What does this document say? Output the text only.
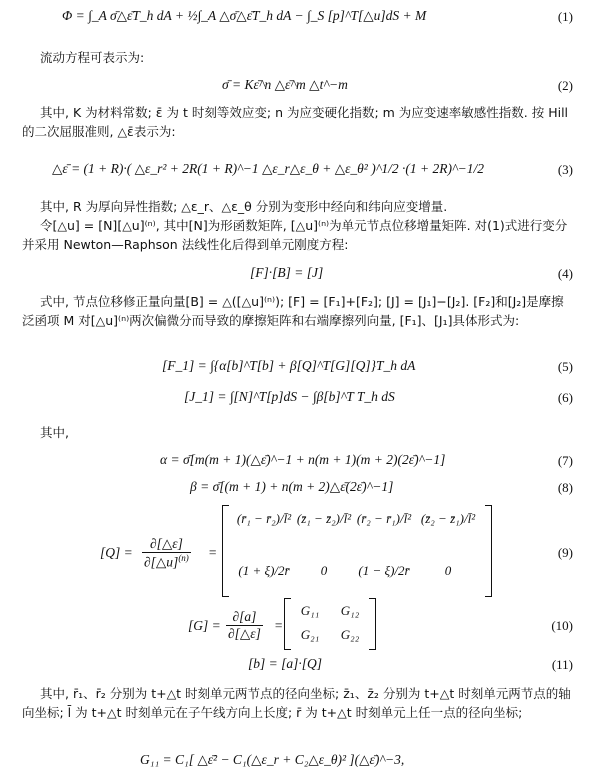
Φ = ∫_A σ̄△ε̄T_h dA + ½∫_A △σ̄△ε̄T_h dA − ∫_S [p]^T[△u]dS + M	(1)
流动方程可表示为:
σ̄ = Kε̄^n △ε̄^m △t^−m	(2)
其中, K 为材料常数; ε̄ 为 t 时刻等效应变; n 为应变硬化指数; m 为应变速率敏感性指数. 按 Hill 的二次屈服准则, △ε̄表示为:
△ε̄ = (1 + R)·( △ε_r² + 2R(1 + R)^−1 △ε_r△ε_θ + △ε_θ² )^1/2 ·(1 + 2R)^−1/2	(3)
其中, R 为厚向异性指数; △ε_r、△ε_θ 分别为变形中经向和纬向应变增量.
令[△u] = [N][△u]⁽ⁿ⁾, 其中[N]为形函数矩阵, [△u]⁽ⁿ⁾为单元节点位移增量矩阵. 对(1)式进行变分并采用 Newton—Raphson 法线性化后得到单元刚度方程:
[F]·[B] = [J]	(4)
式中, 节点位移修正量向量[B] = △([△u]⁽ⁿ⁾); [F] = [F₁]+[F₂]; [J] = [J₁]−[J₂]. [F₂]和[J₂]是摩擦泛函项 M 对[△u]⁽ⁿ⁾两次偏微分而导致的摩擦矩阵和右端摩擦列向量, [F₁]、[J₁]具体形式为:
[F_1] = ∫{α[b]^T[b] + β[Q]^T[G][Q]}T_h dA	(5)
[J_1] = ∫[N]^T[p]dS − ∫β[b]^T T_h dS	(6)
其中,
α = σ̄[m(m + 1)(△ε̄)^−1 + n(m + 1)(m + 2)(2ε̄)^−1]	(7)
β = σ̄[(m + 1) + n(m + 2)△ε̄(2ε̄)^−1]	(8)
$[Q] = \frac{\partial[\triangle\varepsilon]}{\partial[\triangle u]^{(n)}}$ =
(r̄₁ − r̄₂)/l̄² (z̄₁ − z̄₂)/l̄² (r̄₂ − r̄₁)/l̄² (z̄₂ − z̄₁)/l̄²
(1 + ξ)/2r̄	0	(1 − ξ)/2r̄	0
(9)
$[G] = \frac{\partial[a]}{\partial[\triangle\varepsilon]}$ =
G₁₁	G₁₂
G₂₁	G₂₂
(10)
[b] = [a]·[Q]	(11)
其中, r̄₁、r̄₂ 分别为 t+△t 时刻单元两节点的径向坐标; z̄₁、z̄₂ 分别为 t+△t 时刻单元两节点的轴向坐标; l̄ 为 t+△t 时刻单元在子午线方向上长度; r̄ 为 t+△t 时刻单元上任一点的径向坐标;
G₁₁ = C₁[ △ε̄² − C₁(△ε_r + C₂△ε_θ)² ](△ε̄)^−3,
